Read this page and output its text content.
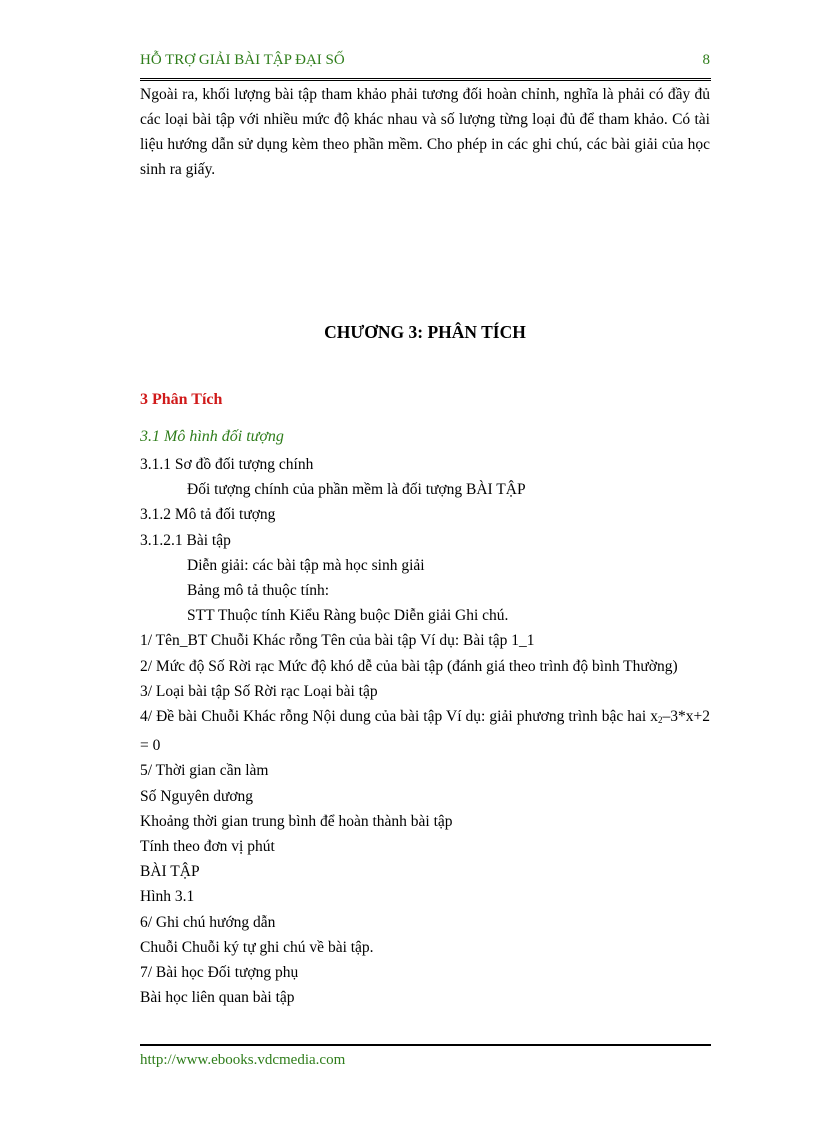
HỖ TRỢ GIẢI BÀI TẬP ĐẠI SỐ	8

Ngoài ra, khối lượng bài tập tham khảo phải tương đối hoàn chỉnh, nghĩa là phải có đầy đủ các loại bài tập với nhiều mức độ khác nhau và số lượng từng loại đủ để tham khảo. Có tài liệu hướng dẫn sử dụng kèm theo phần mềm. Cho phép in các ghi chú, các bài giải của học sinh ra giấy.

CHƯƠNG 3: PHÂN TÍCH
3 Phân Tích
3.1 Mô hình đối tượng
3.1.1 Sơ đồ đối tượng chính
Đối tượng chính của phần mềm là đối tượng BÀI TẬP
3.1.2 Mô tả đối tượng
3.1.2.1 Bài tập
Diễn giải: các bài tập mà học sinh giải
Bảng mô tả thuộc tính:
STT Thuộc tính Kiểu Ràng buộc Diễn giải Ghi chú.
1/ Tên_BT Chuỗi Khác rỗng Tên của bài tập Ví dụ: Bài tập 1_1
2/ Mức độ Số Rời rạc Mức độ khó dễ của bài tập (đánh giá theo trình độ bình Thường)
3/ Loại bài tập Số Rời rạc Loại bài tập
4/ Đề bài Chuỗi Khác rỗng Nội dung của bài tập Ví dụ: giải phương trình bậc hai $x_2-3*x+2 = 0$
5/ Thời gian cần làm
Số Nguyên dương
Khoảng thời gian trung bình để hoàn thành bài tập
Tính theo đơn vị phút
BÀI TẬP
Hình 3.1
6/ Ghi chú hướng dẫn
Chuỗi Chuỗi ký tự ghi chú về bài tập.
7/ Bài học Đối tượng phụ
Bài học liên quan bài tập
http://www.ebooks.vdcmedia.com
